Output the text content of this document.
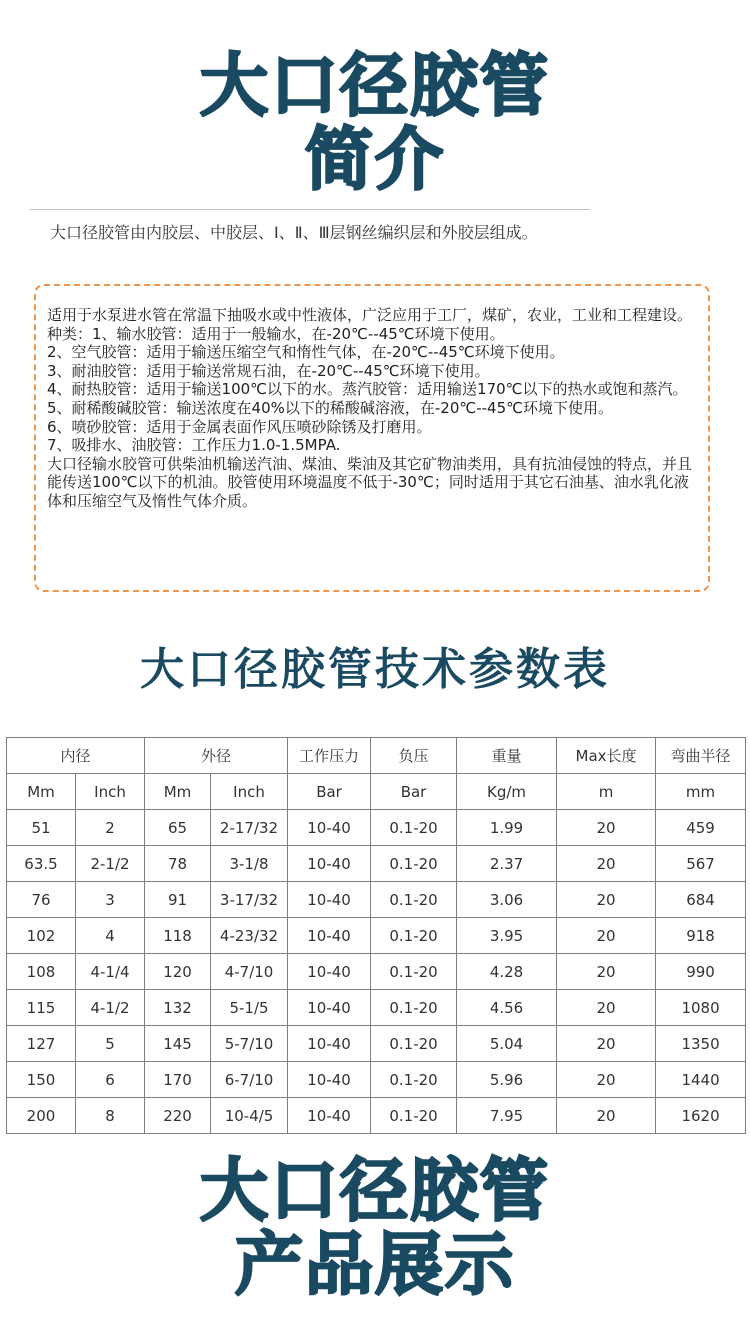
大口径胶管
简介
大口径胶管由内胶层、中胶层、Ⅰ、Ⅱ、Ⅲ层钢丝编织层和外胶层组成。
适用于水泵进水管在常温下抽吸水或中性液体，广泛应用于工厂，煤矿，农业，工业和工程建设。
种类：1、输水胶管：适用于一般输水，在-20℃--45℃环境下使用。
2、空气胶管：适用于输送压缩空气和惰性气体，在-20℃--45℃环境下使用。
3、耐油胶管：适用于输送常规石油，在-20℃--45℃环境下使用。
4、耐热胶管：适用于输送100℃以下的水。蒸汽胶管：适用输送170℃以下的热水或饱和蒸汽。
5、耐稀酸碱胶管：输送浓度在40%以下的稀酸碱溶液，在-20℃--45℃环境下使用。
6、喷砂胶管：适用于金属表面作风压喷砂除锈及打磨用。
7、吸排水、油胶管：工作压力1.0-1.5MPA.
大口径输水胶管可供柴油机输送汽油、煤油、柴油及其它矿物油类用，具有抗油侵蚀的特点，并且能传送100℃以下的机油。胶管使用环境温度不低于-30℃；同时适用于其它石油基、油水乳化液体和压缩空气及惰性气体介质。
大口径胶管技术参数表
内径		外径		工作压力	负压	重量	Max长度	弯曲半径
Mm	Inch	Mm	Inch	Bar	Bar	Kg/m	m	mm
51	2	65	2-17/32	10-40	0.1-20	1.99	20	459
63.5	2-1/2	78	3-1/8	10-40	0.1-20	2.37	20	567
76	3	91	3-17/32	10-40	0.1-20	3.06	20	684
102	4	118	4-23/32	10-40	0.1-20	3.95	20	918
108	4-1/4	120	4-7/10	10-40	0.1-20	4.28	20	990
115	4-1/2	132	5-1/5	10-40	0.1-20	4.56	20	1080
127	5	145	5-7/10	10-40	0.1-20	5.04	20	1350
150	6	170	6-7/10	10-40	0.1-20	5.96	20	1440
200	8	220	10-4/5	10-40	0.1-20	7.95	20	1620
大口径胶管
产品展示
